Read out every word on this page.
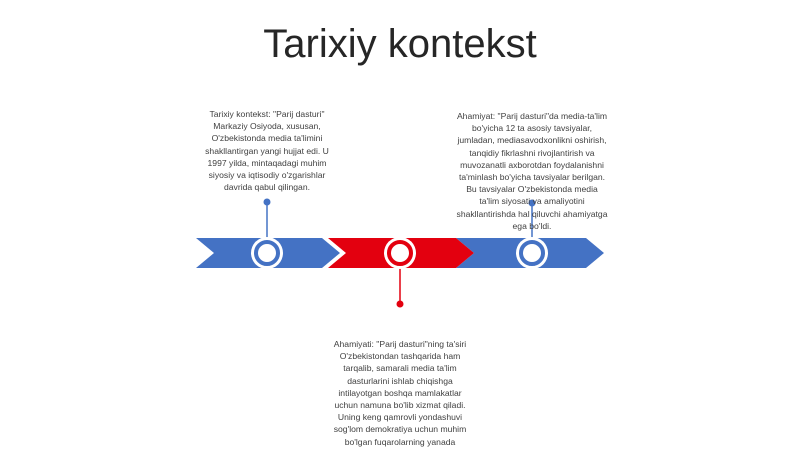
Tarixiy kontekst
Tarixiy kontekst: "Parij dasturi" Markaziy Osiyoda, xususan, O'zbekistonda media ta'limini shakllantirgan yangi hujjat edi. U 1997 yilda, mintaqadagi muhim siyosiy va iqtisodiy o'zgarishlar davrida qabul qilingan.
Ahamiyat: "Parij dasturi"da media-ta'lim bo'yicha 12 ta asosiy tavsiyalar, jumladan, mediasavodxonlikni oshirish, tanqidiy fikrlashni rivojlantirish va muvozanatli axborotdan foydalanishni ta'minlash bo'yicha tavsiyalar berilgan. Bu tavsiyalar O'zbekistonda media ta'lim siyosati va amaliyotini shakllantirishda hal qiluvchi ahamiyatga ega bo'ldi.
Ahamiyati: "Parij dasturi"ning ta'siri O'zbekistondan tashqarida ham tarqalib, samarali media ta'lim dasturlarini ishlab chiqishga intilayotgan boshqa mamlakatlar uchun namuna bo'lib xizmat qiladi. Uning keng qamrovli yondashuvi sog'lom demokratiya uchun muhim bo'lgan fuqarolarning yanada
